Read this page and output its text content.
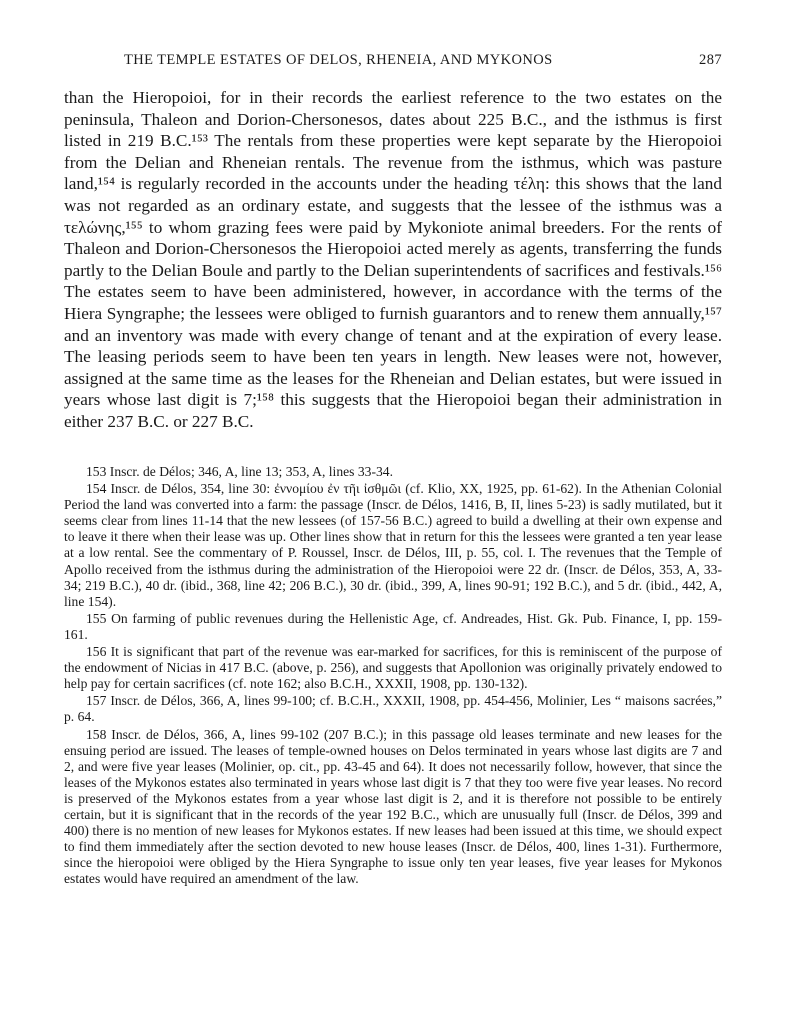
THE TEMPLE ESTATES OF DELOS, RHENEIA, AND MYKONOS	287
than the Hieropoioi, for in their records the earliest reference to the two estates on the peninsula, Thaleon and Dorion-Chersonesos, dates about 225 B.C., and the isthmus is first listed in 219 B.C.¹⁵³ The rentals from these properties were kept separate by the Hieropoioi from the Delian and Rheneian rentals. The revenue from the isthmus, which was pasture land,¹⁵⁴ is regularly recorded in the accounts under the heading τέλη: this shows that the land was not regarded as an ordinary estate, and suggests that the lessee of the isthmus was a τελώνης,¹⁵⁵ to whom grazing fees were paid by Mykoniote animal breeders. For the rents of Thaleon and Dorion-Chersonesos the Hieropoioi acted merely as agents, transferring the funds partly to the Delian Boule and partly to the Delian superintendents of sacrifices and festivals.¹⁵⁶ The estates seem to have been administered, however, in accordance with the terms of the Hiera Syngraphe; the lessees were obliged to furnish guarantors and to renew them annually,¹⁵⁷ and an inventory was made with every change of tenant and at the expiration of every lease. The leasing periods seem to have been ten years in length. New leases were not, however, assigned at the same time as the leases for the Rheneian and Delian estates, but were issued in years whose last digit is 7;¹⁵⁸ this suggests that the Hieropoioi began their administration in either 237 B.C. or 227 B.C.

153 Inscr. de Délos; 346, A, line 13; 353, A, lines 33-34.

154 Inscr. de Délos, 354, line 30: ἐννομίου ἐν τῆι ἰσθμῶι (cf. Klio, XX, 1925, pp. 61-62). In the Athenian Colonial Period the land was converted into a farm: the passage (Inscr. de Délos, 1416, B, II, lines 5-23) is sadly mutilated, but it seems clear from lines 11-14 that the new lessees (of 157-56 B.C.) agreed to build a dwelling at their own expense and to leave it there when their lease was up. Other lines show that in return for this the lessees were granted a ten year lease at a low rental. See the commentary of P. Roussel, Inscr. de Délos, III, p. 55, col. I. The revenues that the Temple of Apollo received from the isthmus during the administration of the Hieropoioi were 22 dr. (Inscr. de Délos, 353, A, 33-34; 219 B.C.), 40 dr. (ibid., 368, line 42; 206 B.C.), 30 dr. (ibid., 399, A, lines 90-91; 192 B.C.), and 5 dr. (ibid., 442, A, line 154).

155 On farming of public revenues during the Hellenistic Age, cf. Andreades, Hist. Gk. Pub. Finance, I, pp. 159-161.

156 It is significant that part of the revenue was ear-marked for sacrifices, for this is reminiscent of the purpose of the endowment of Nicias in 417 B.C. (above, p. 256), and suggests that Apollonion was originally privately endowed to help pay for certain sacrifices (cf. note 162; also B.C.H., XXXII, 1908, pp. 130-132).

157 Inscr. de Délos, 366, A, lines 99-100; cf. B.C.H., XXXII, 1908, pp. 454-456, Molinier, Les “ maisons sacrées,” p. 64.

158 Inscr. de Délos, 366, A, lines 99-102 (207 B.C.); in this passage old leases terminate and new leases for the ensuing period are issued. The leases of temple-owned houses on Delos terminated in years whose last digits are 7 and 2, and were five year leases (Molinier, op. cit., pp. 43-45 and 64). It does not necessarily follow, however, that since the leases of the Mykonos estates also terminated in years whose last digit is 7 that they too were five year leases. No record is preserved of the Mykonos estates from a year whose last digit is 2, and it is therefore not possible to be entirely certain, but it is significant that in the records of the year 192 B.C., which are unusually full (Inscr. de Délos, 399 and 400) there is no mention of new leases for Mykonos estates. If new leases had been issued at this time, we should expect to find them immediately after the section devoted to new house leases (Inscr. de Délos, 400, lines 1-31). Furthermore, since the hieropoioi were obliged by the Hiera Syngraphe to issue only ten year leases, five year leases for Mykonos estates would have required an amendment of the law.
